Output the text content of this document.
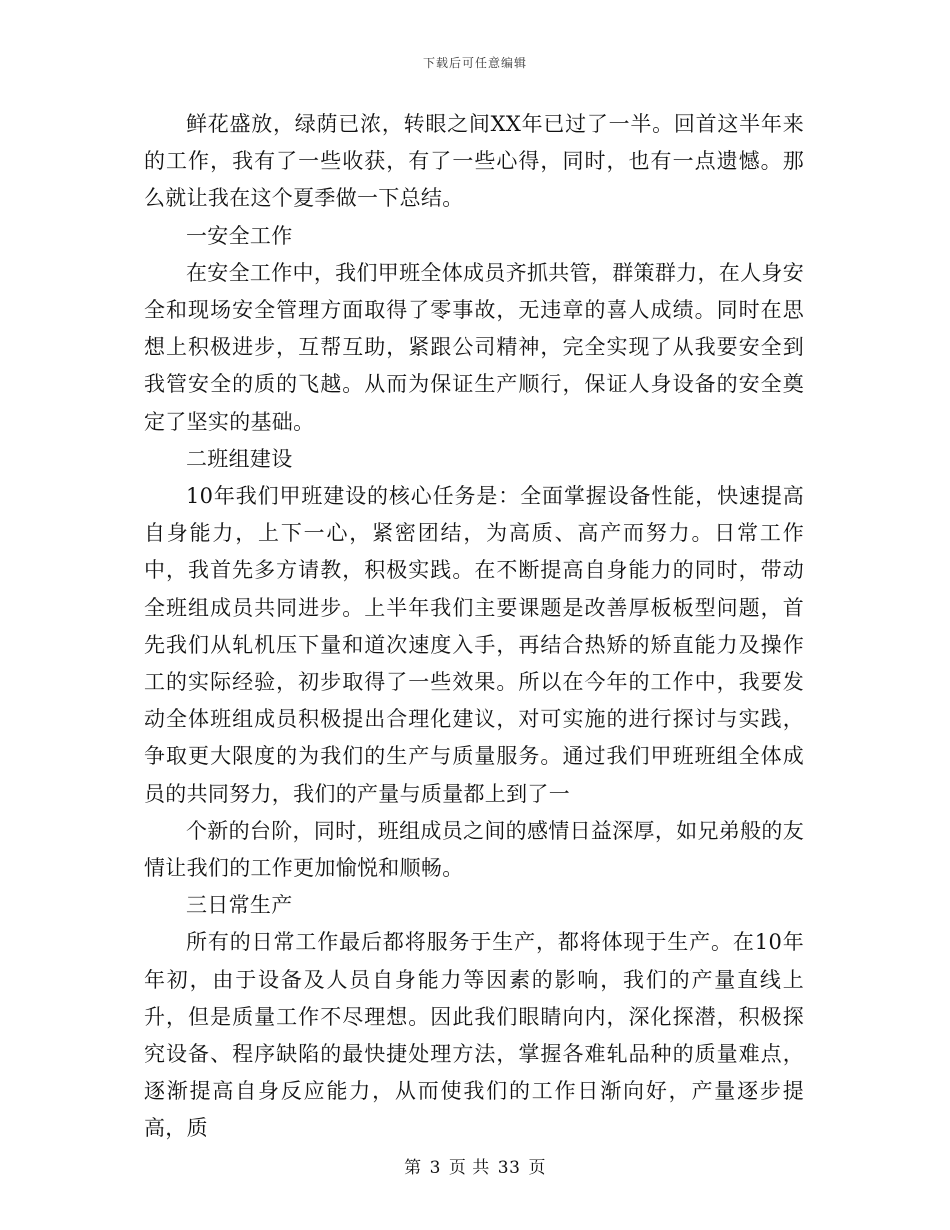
下载后可任意编辑

鲜花盛放，绿荫已浓，转眼之间XX年已过了一半。回首这半年来的工作，我有了一些收获，有了一些心得，同时，也有一点遗憾。那么就让我在这个夏季做一下总结。

一安全工作

在安全工作中，我们甲班全体成员齐抓共管，群策群力，在人身安全和现场安全管理方面取得了零事故，无违章的喜人成绩。同时在思想上积极进步，互帮互助，紧跟公司精神，完全实现了从我要安全到我管安全的质的飞越。从而为保证生产顺行，保证人身设备的安全奠定了坚实的基础。

二班组建设

10年我们甲班建设的核心任务是：全面掌握设备性能，快速提高自身能力，上下一心，紧密团结，为高质、高产而努力。日常工作中，我首先多方请教，积极实践。在不断提高自身能力的同时，带动全班组成员共同进步。上半年我们主要课题是改善厚板板型问题，首先我们从轧机压下量和道次速度入手，再结合热矫的矫直能力及操作工的实际经验，初步取得了一些效果。所以在今年的工作中，我要发动全体班组成员积极提出合理化建议，对可实施的进行探讨与实践，争取更大限度的为我们的生产与质量服务。通过我们甲班班组全体成员的共同努力，我们的产量与质量都上到了一

个新的台阶，同时，班组成员之间的感情日益深厚，如兄弟般的友情让我们的工作更加愉悦和顺畅。

三日常生产

所有的日常工作最后都将服务于生产，都将体现于生产。在10年年初，由于设备及人员自身能力等因素的影响，我们的产量直线上升，但是质量工作不尽理想。因此我们眼睛向内，深化探潜，积极探究设备、程序缺陷的最快捷处理方法，掌握各难轧品种的质量难点，逐渐提高自身反应能力，从而使我们的工作日渐向好，产量逐步提高，质

第 3 页 共 33 页
